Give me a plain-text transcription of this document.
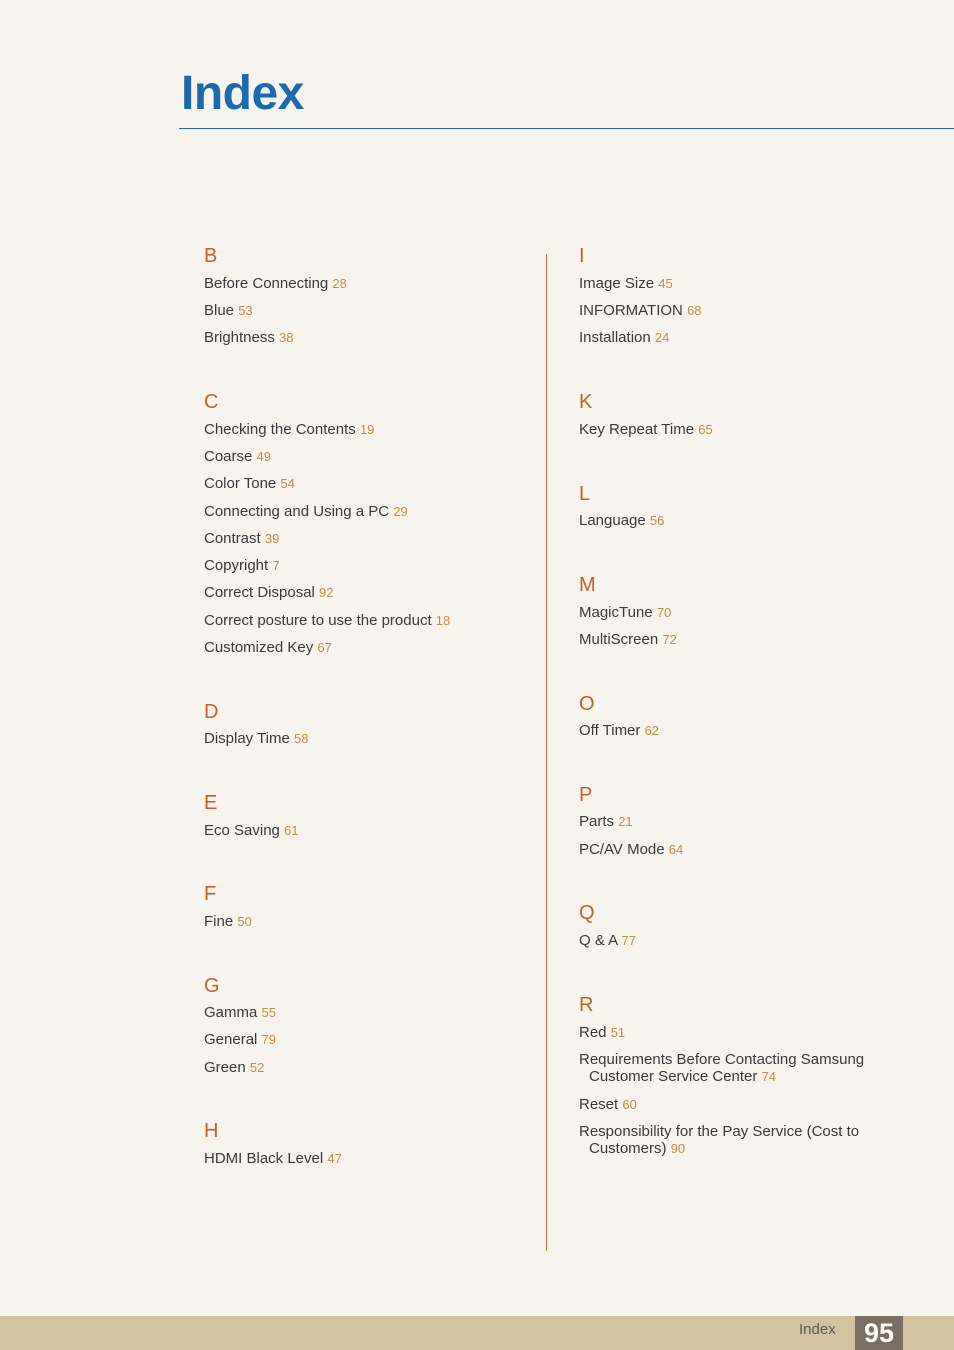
Index
B
Before Connecting 28
Blue 53
Brightness 38
C
Checking the Contents 19
Coarse 49
Color Tone 54
Connecting and Using a PC 29
Contrast 39
Copyright 7
Correct Disposal 92
Correct posture to use the product 18
Customized Key 67
D
Display Time 58
E
Eco Saving 61
F
Fine 50
G
Gamma 55
General 79
Green 52
H
HDMI Black Level 47
I
Image Size 45
INFORMATION 68
Installation 24
K
Key Repeat Time 65
L
Language 56
M
MagicTune 70
MultiScreen 72
O
Off Timer 62
P
Parts 21
PC/AV Mode 64
Q
Q & A 77
R
Red 51
Requirements Before Contacting Samsung
Customer Service Center 74
Reset 60
Responsibility for the Pay Service (Cost to
Customers) 90
Index	95
